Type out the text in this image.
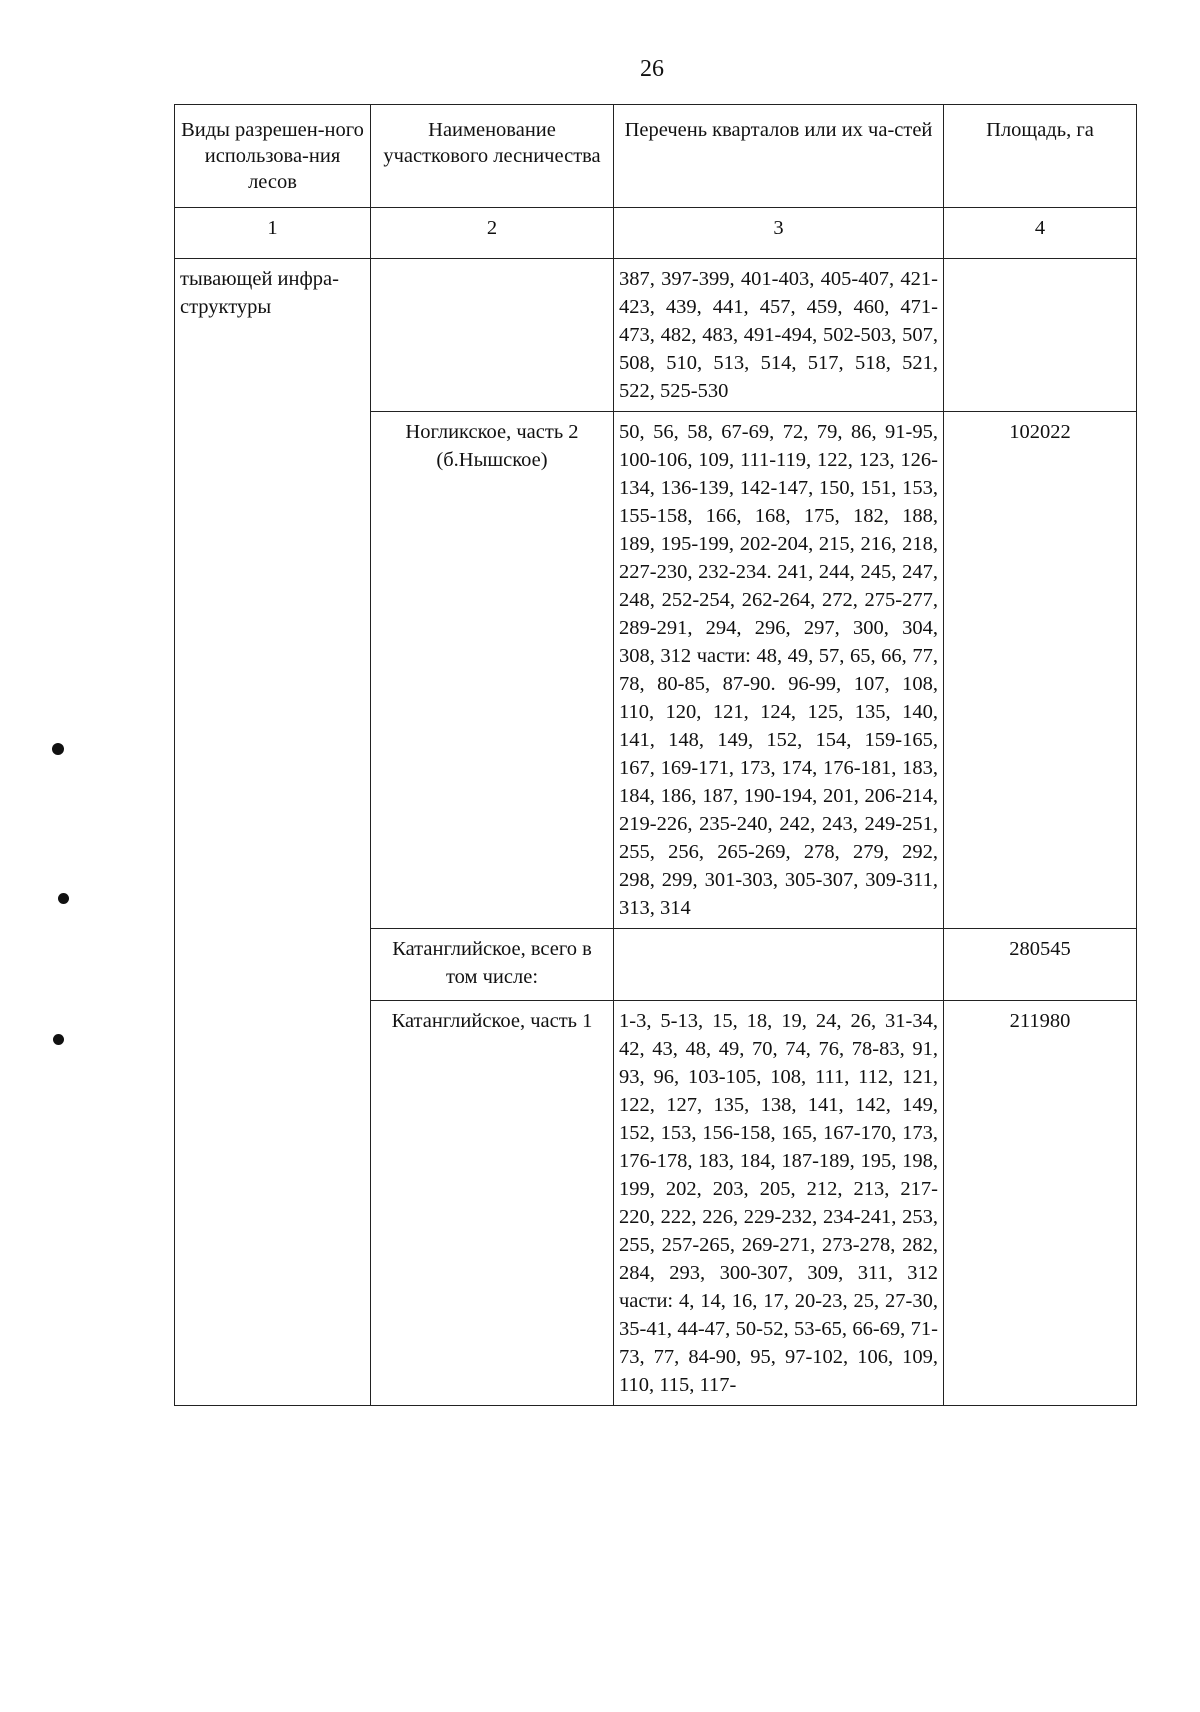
26
Виды разрешен-ного использова-ния лесов	Наименование участкового лесничества	Перечень кварталов или их ча-стей	Площадь, га
1	2	3	4
тывающей инфра-структуры		387, 397-399, 401-403, 405-407, 421-423, 439, 441, 457, 459, 460, 471-473, 482, 483, 491-494, 502-503, 507, 508, 510, 513, 514, 517, 518, 521, 522, 525-530	
	Ногликское, часть 2 (б.Нышское)	50, 56, 58, 67-69, 72, 79, 86, 91-95, 100-106, 109, 111-119, 122, 123, 126-134, 136-139, 142-147, 150, 151, 153, 155-158, 166, 168, 175, 182, 188, 189, 195-199, 202-204, 215, 216, 218, 227-230, 232-234. 241, 244, 245, 247, 248, 252-254, 262-264, 272, 275-277, 289-291, 294, 296, 297, 300, 304, 308, 312 части: 48, 49, 57, 65, 66, 77, 78, 80-85, 87-90. 96-99, 107, 108, 110, 120, 121, 124, 125, 135, 140, 141, 148, 149, 152, 154, 159-165, 167, 169-171, 173, 174, 176-181, 183, 184, 186, 187, 190-194, 201, 206-214, 219-226, 235-240, 242, 243, 249-251, 255, 256, 265-269, 278, 279, 292, 298, 299, 301-303, 305-307, 309-311, 313, 314	102022
	Катанглийское, всего в том числе:		280545
	Катанглийское, часть 1	1-3, 5-13, 15, 18, 19, 24, 26, 31-34, 42, 43, 48, 49, 70, 74, 76, 78-83, 91, 93, 96, 103-105, 108, 111, 112, 121, 122, 127, 135, 138, 141, 142, 149, 152, 153, 156-158, 165, 167-170, 173, 176-178, 183, 184, 187-189, 195, 198, 199, 202, 203, 205, 212, 213, 217-220, 222, 226, 229-232, 234-241, 253, 255, 257-265, 269-271, 273-278, 282, 284, 293, 300-307, 309, 311, 312 части: 4, 14, 16, 17, 20-23, 25, 27-30, 35-41, 44-47, 50-52, 53-65, 66-69, 71-73, 77, 84-90, 95, 97-102, 106, 109, 110, 115, 117-	211980
